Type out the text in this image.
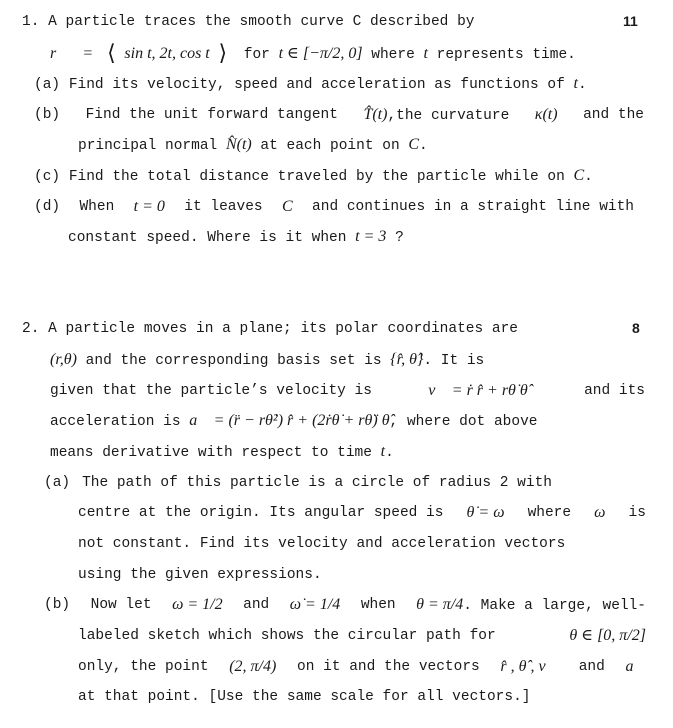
1. A particle traces the smooth curve C described by	11
r⃗ = ⟨ sin t, 2t, cos t ⟩ for t ∈ [−π/2, 0] where t represents time.
(a) Find its velocity, speed and acceleration as functions of t.
(b) Find the unit forward tangent T̂(t),the curvature κ(t) and the
principal normal N̂(t) at each point on C.
(c) Find the total distance traveled by the particle while on C.
(d) When t = 0 it leaves C and continues in a straight line with
constant speed. Where is it when t = 3 ?
2. A particle moves in a plane; its polar coordinates are	8
(r,θ) and the corresponding basis set is {r̂, θ̂}. It is
given that the particle’s velocity is	v⃗ = ṙ r̂ + rθ̇ θ̂	and its
acceleration is a⃗ = (r̈ − rθ̇²) r̂ + (2ṙθ̇ + rθ̈) θ̂, where dot above
means derivative with respect to time t.
(a) The path of this particle is a circle of radius 2 with
centre at the origin. Its angular speed is θ̇ = ω where ω is
not constant. Find its velocity and acceleration vectors
using the given expressions.
(b) Now let ω = 1/2 and ω̇ = 1/4 when θ = π/4. Make a large, well-
labeled sketch which shows the circular path for	θ ∈ [0, π/2]
only, the point (2, π/4) on it and the vectors r̂ , θ̂ , v⃗ and a⃗
at that point. [Use the same scale for all vectors.]
